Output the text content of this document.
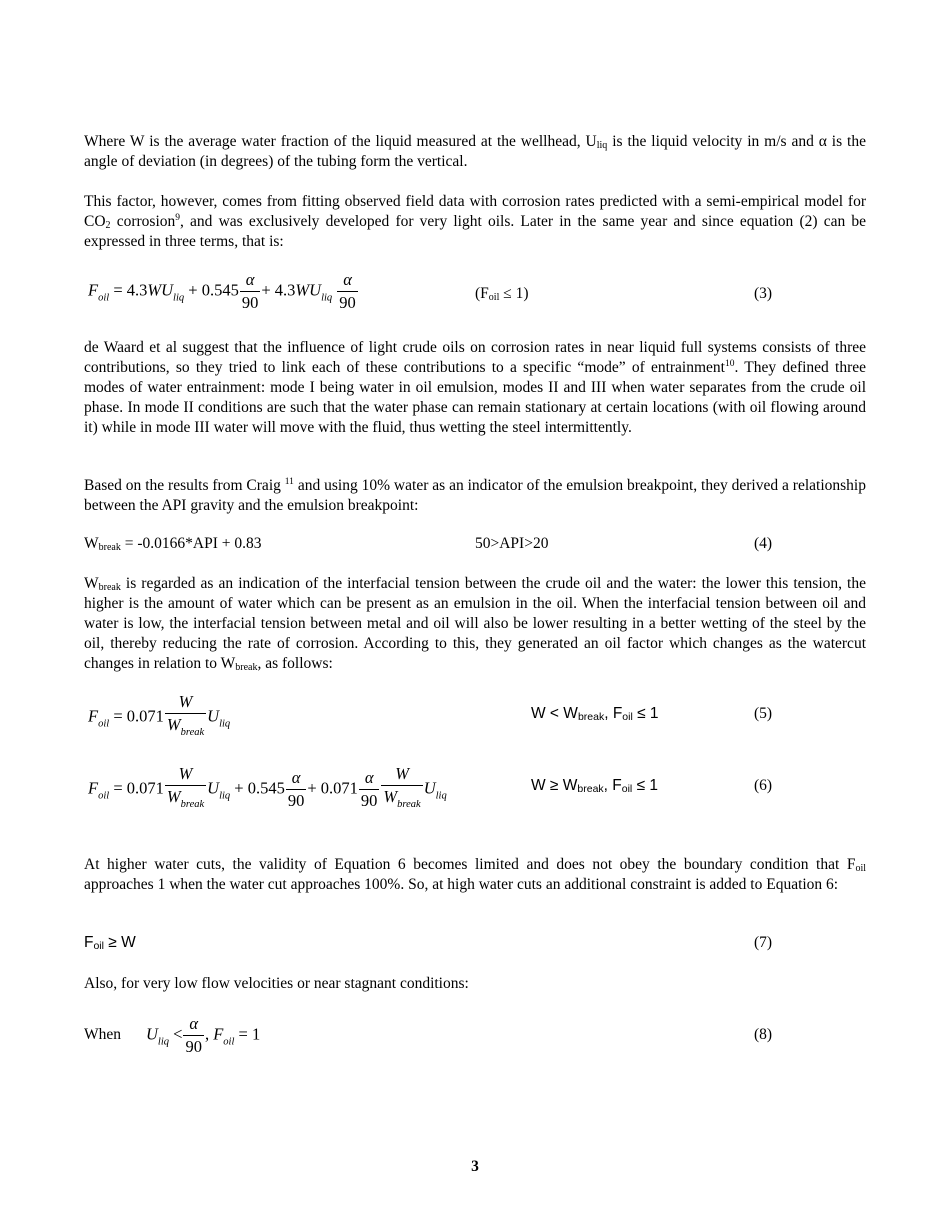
Where W is the average water fraction of the liquid measured at the wellhead, $U_{liq}$ is the liquid velocity in m/s and α is the angle of deviation (in degrees) of the tubing form the vertical.

This factor, however, comes from fitting observed field data with corrosion rates predicted with a semi-empirical model for $CO_2$ corrosion$^9$, and was exclusively developed for very light oils. Later in the same year and since equation (2) can be expressed in three terms, that is:

$F_{oil} = 4.3WU_{liq} + 0.545 \frac{\alpha}{90} + 4.3WU_{liq} \frac{\alpha}{90}$	$(F_{oil} \le 1)$	(3)

de Waard et al suggest that the influence of light crude oils on corrosion rates in near liquid full systems consists of three contributions, so they tried to link each of these contributions to a specific “mode” of entrainment$^{10}$. They defined three modes of water entrainment: mode I being water in oil emulsion, modes II and III when water separates from the crude oil phase. In mode II conditions are such that the water phase can remain stationary at certain locations (with oil flowing around it) while in mode III water will move with the fluid, thus wetting the steel intermittently.

Based on the results from Craig $^{11}$ and using 10% water as an indicator of the emulsion breakpoint, they derived a relationship between the API gravity and the emulsion breakpoint:

$W_{break} = -0.0166*API + 0.83$	50>API>20	(4)

$W_{break}$ is regarded as an indication of the interfacial tension between the crude oil and the water: the lower this tension, the higher is the amount of water which can be present as an emulsion in the oil. When the interfacial tension between oil and water is low, the interfacial tension between metal and oil will also be lower resulting in a better wetting of the steel by the oil, thereby reducing the rate of corrosion. According to this, they generated an oil factor which changes as the watercut changes in relation to $W_{break}$, as follows:

$F_{oil} = 0.071 \frac{W}{W_{break}} U_{liq}$
$W < W_{break}$, $F_{oil} \le 1$	(5)
$F_{oil} = 0.071 \frac{W}{W_{break}} U_{liq} + 0.545 \frac{\alpha}{90} + 0.071 \frac{\alpha}{90} \frac{W}{W_{break}} U_{liq}$
$W \ge W_{break}$, $F_{oil} \le 1$	(6)

At higher water cuts, the validity of Equation 6 becomes limited and does not obey the boundary condition that $F_{oil}$ approaches 1 when the water cut approaches 100%. So, at high water cuts an additional constraint is added to Equation 6:

$F_{oil} \ge W$	(7)

Also, for very low flow velocities or near stagnant conditions:

When $U_{liq} < \frac{\alpha}{90}$ , $F_{oil} = 1$	(8)
3
